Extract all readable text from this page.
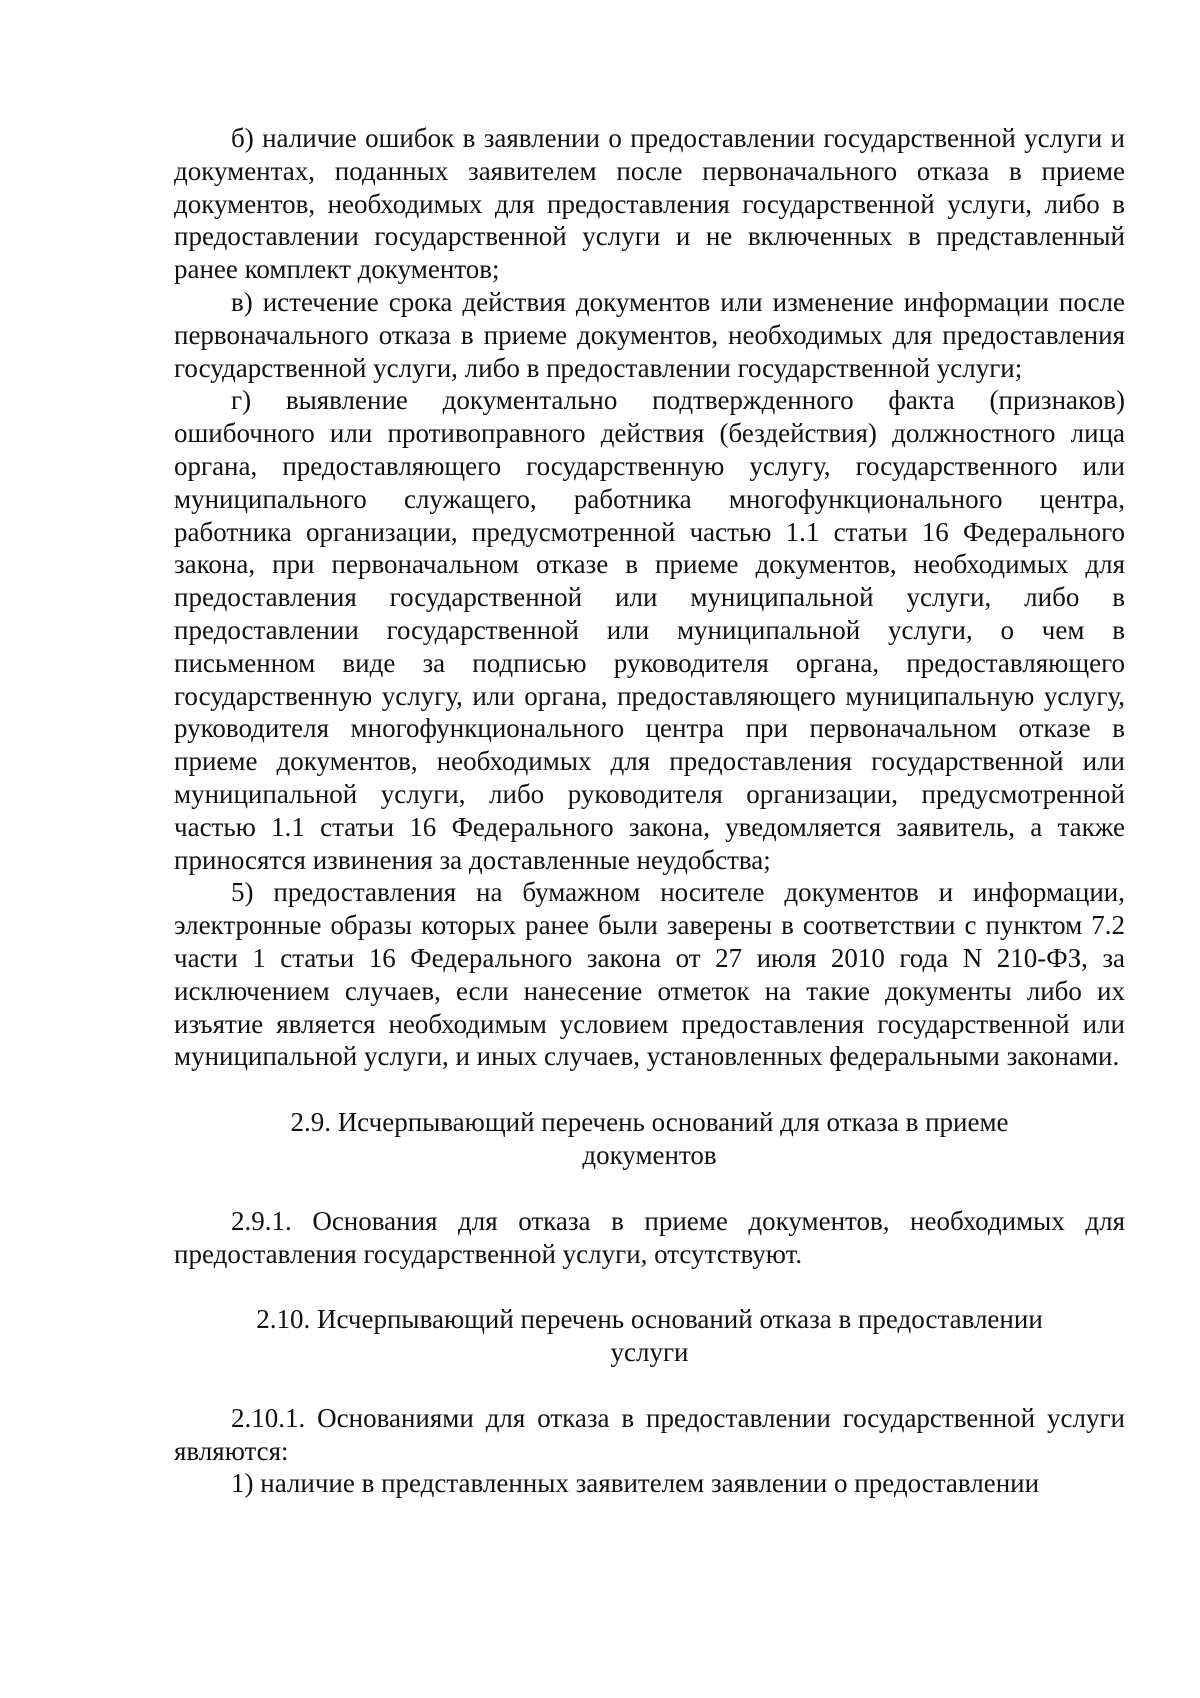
б) наличие ошибок в заявлении о предоставлении государственной услуги и документах, поданных заявителем после первоначального отказа в приеме документов, необходимых для предоставления государственной услуги, либо в предоставлении государственной услуги и не включенных в представленный ранее комплект документов;

в) истечение срока действия документов или изменение информации после первоначального отказа в приеме документов, необходимых для предоставления государственной услуги, либо в предоставлении государственной услуги;

г) выявление документально подтвержденного факта (признаков) ошибочного или противоправного действия (бездействия) должностного лица органа, предоставляющего государственную услугу, государственного или муниципального служащего, работника многофункционального центра, работника организации, предусмотренной частью 1.1 статьи 16 Федерального закона, при первоначальном отказе в приеме документов, необходимых для предоставления государственной или муниципальной услуги, либо в предоставлении государственной или муниципальной услуги, о чем в письменном виде за подписью руководителя органа, предоставляющего государственную услугу, или органа, предоставляющего муниципальную услугу, руководителя многофункционального центра при первоначальном отказе в приеме документов, необходимых для предоставления государственной или муниципальной услуги, либо руководителя организации, предусмотренной частью 1.1 статьи 16 Федерального закона, уведомляется заявитель, а также приносятся извинения за доставленные неудобства;

5) предоставления на бумажном носителе документов и информации, электронные образы которых ранее были заверены в соответствии с пунктом 7.2 части 1 статьи 16 Федерального закона от 27 июля 2010 года N 210-ФЗ, за исключением случаев, если нанесение отметок на такие документы либо их изъятие является необходимым условием предоставления государственной или муниципальной услуги, и иных случаев, установленных федеральными законами.

2.9. Исчерпывающий перечень оснований для отказа в приеме документов

2.9.1. Основания для отказа в приеме документов, необходимых для предоставления государственной услуги, отсутствуют.

2.10. Исчерпывающий перечень оснований отказа в предоставлении услуги

2.10.1. Основаниями для отказа в предоставлении государственной услуги являются:

1) наличие в представленных заявителем заявлении о предоставлении
